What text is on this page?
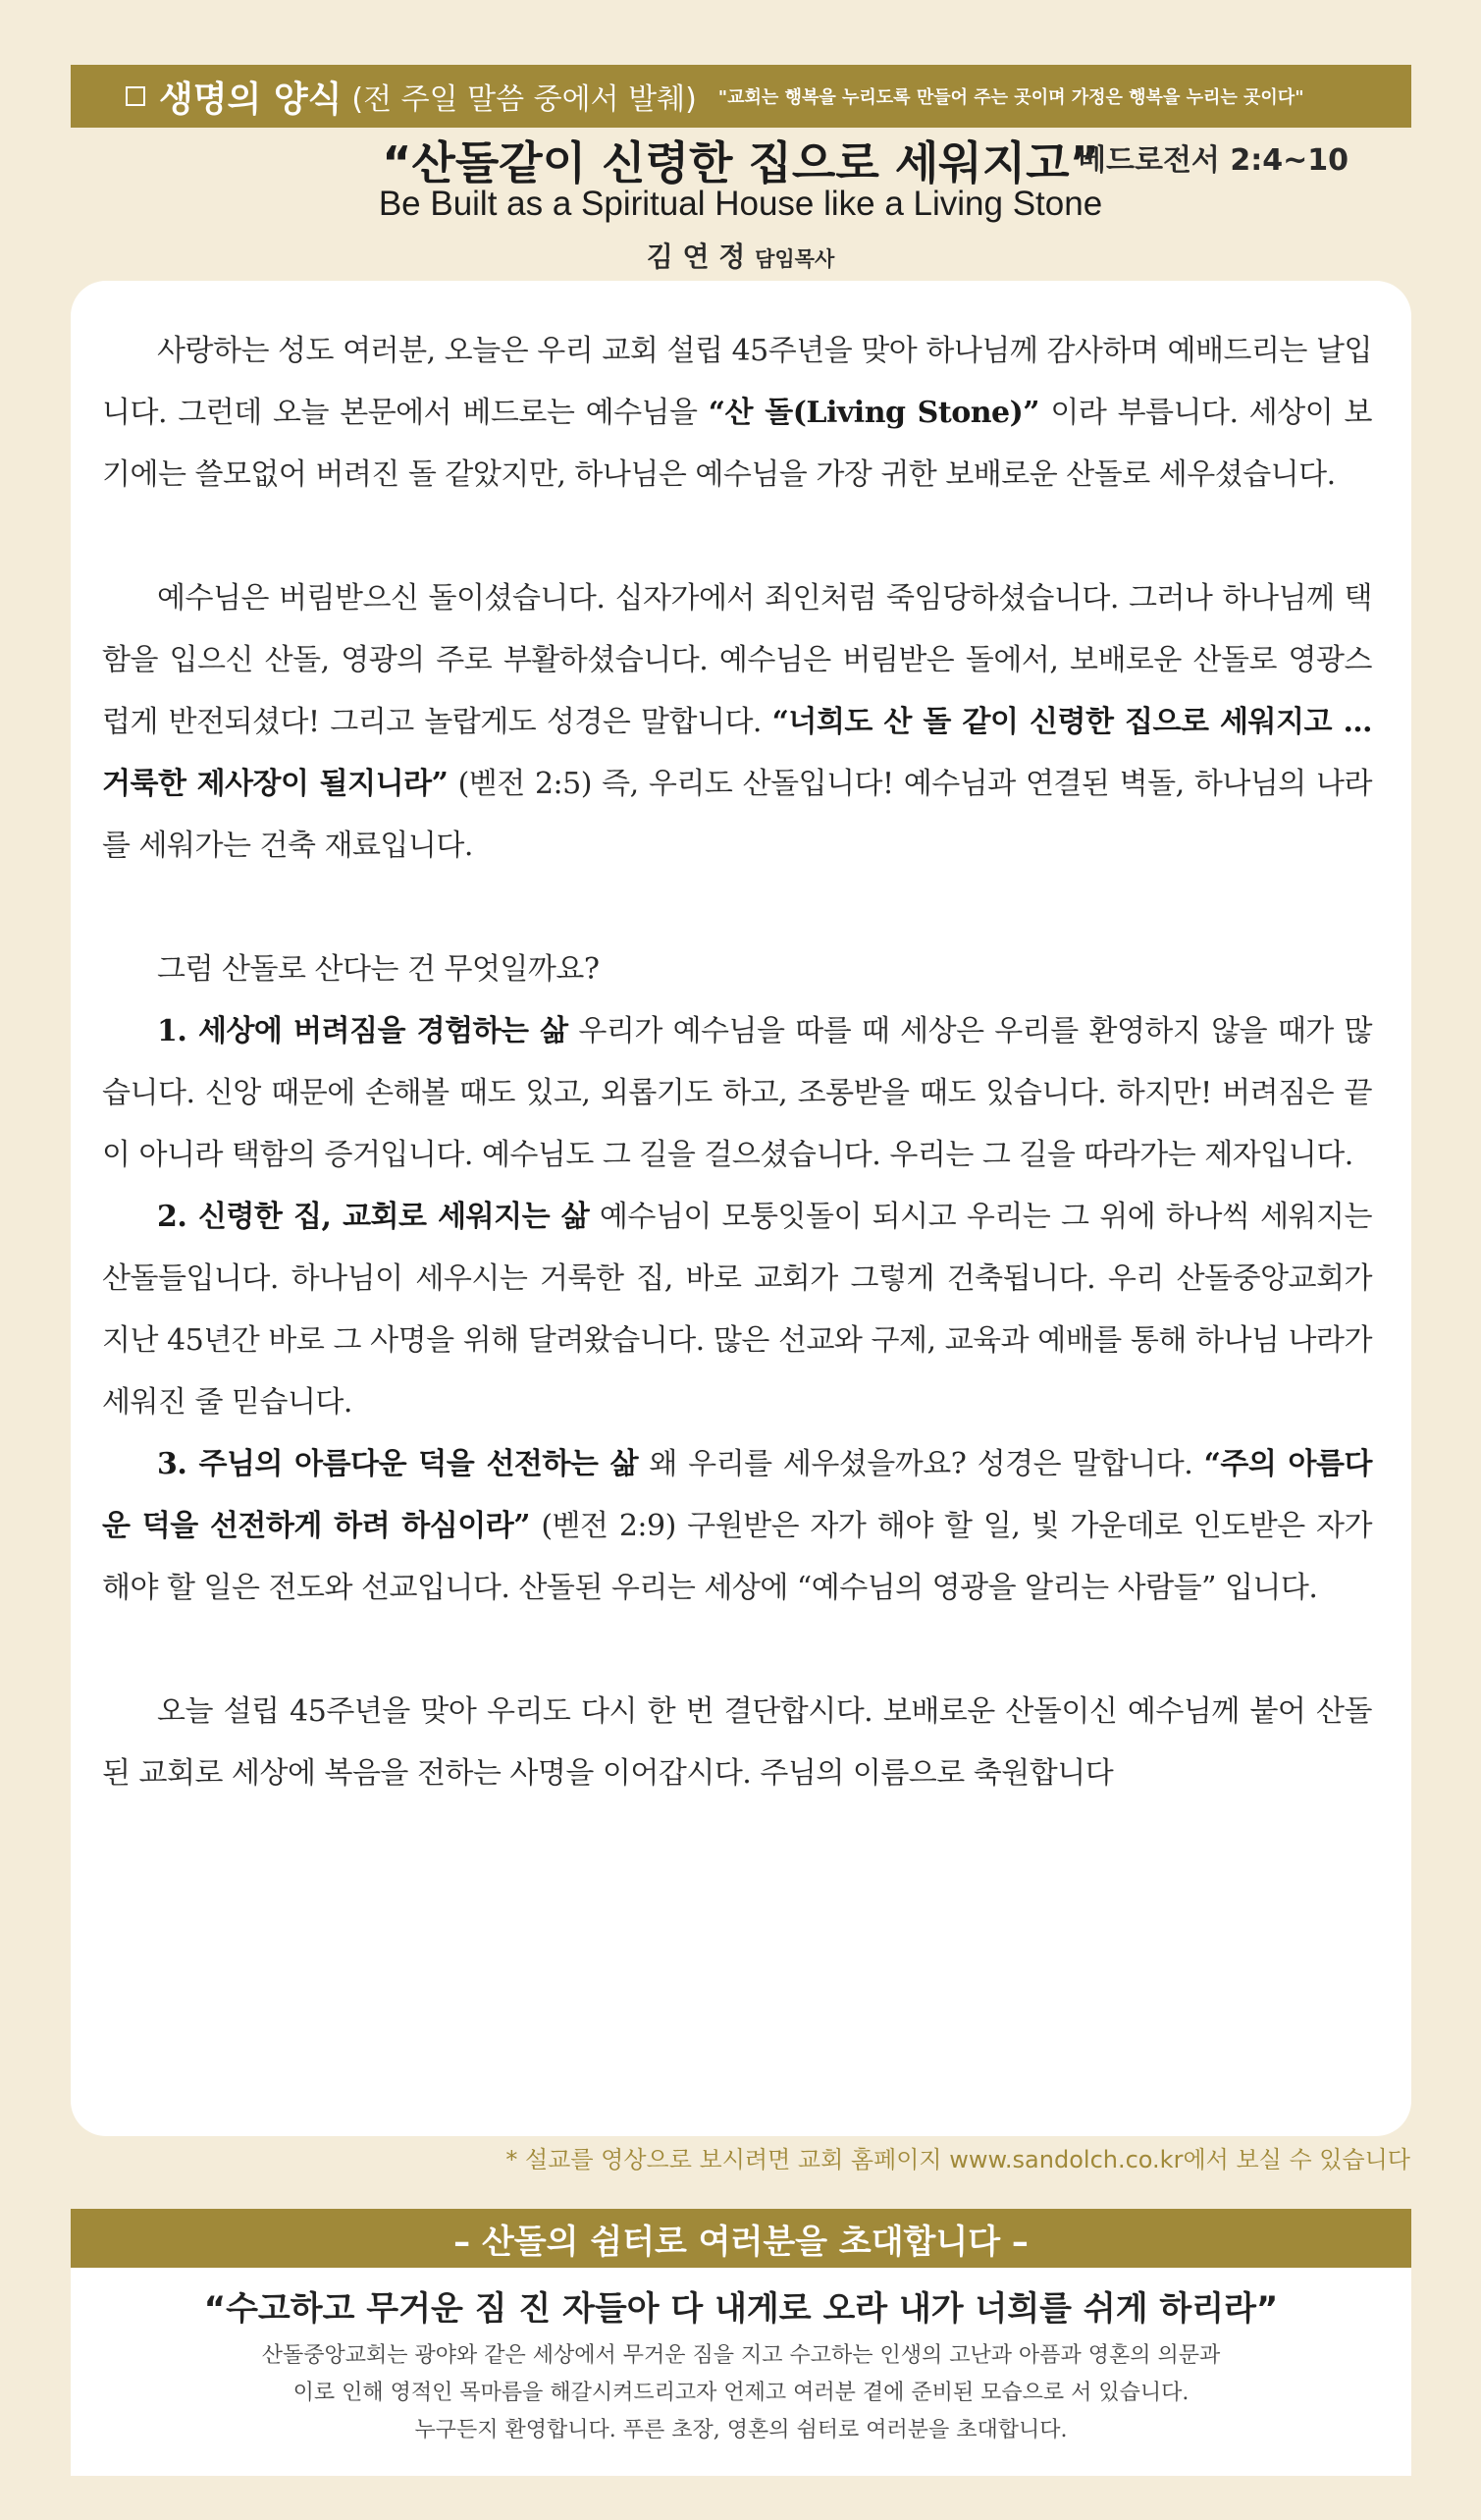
생명의 양식 (전 주일 말씀 중에서 발췌) "교회는 행복을 누리도록 만들어 주는 곳이며 가정은 행복을 누리는 곳이다"
“산돌같이 신령한 집으로 세워지고”
베드로전서 2:4~10
Be Built as a Spiritual House like a Living Stone
김 연 정 담임목사

사랑하는 성도 여러분, 오늘은 우리 교회 설립 45주년을 맞아 하나님께 감사하며 예배드리는 날입니다. 그런데 오늘 본문에서 베드로는 예수님을 “산 돌(Living Stone)” 이라 부릅니다. 세상이 보기에는 쓸모없어 버려진 돌 같았지만, 하나님은 예수님을 가장 귀한 보배로운 산돌로 세우셨습니다.

예수님은 버림받으신 돌이셨습니다. 십자가에서 죄인처럼 죽임당하셨습니다. 그러나 하나님께 택함을 입으신 산돌, 영광의 주로 부활하셨습니다. 예수님은 버림받은 돌에서, 보배로운 산돌로 영광스럽게 반전되셨다! 그리고 놀랍게도 성경은 말합니다. “너희도 산 돌 같이 신령한 집으로 세워지고 … 거룩한 제사장이 될지니라” (벧전 2:5) 즉, 우리도 산돌입니다! 예수님과 연결된 벽돌, 하나님의 나라를 세워가는 건축 재료입니다.

그럼 산돌로 산다는 건 무엇일까요?

1. 세상에 버려짐을 경험하는 삶 우리가 예수님을 따를 때 세상은 우리를 환영하지 않을 때가 많습니다. 신앙 때문에 손해볼 때도 있고, 외롭기도 하고, 조롱받을 때도 있습니다. 하지만! 버려짐은 끝이 아니라 택함의 증거입니다. 예수님도 그 길을 걸으셨습니다. 우리는 그 길을 따라가는 제자입니다.

2. 신령한 집, 교회로 세워지는 삶 예수님이 모퉁잇돌이 되시고 우리는 그 위에 하나씩 세워지는 산돌들입니다. 하나님이 세우시는 거룩한 집, 바로 교회가 그렇게 건축됩니다. 우리 산돌중앙교회가 지난 45년간 바로 그 사명을 위해 달려왔습니다. 많은 선교와 구제, 교육과 예배를 통해 하나님 나라가 세워진 줄 믿습니다.

3. 주님의 아름다운 덕을 선전하는 삶 왜 우리를 세우셨을까요? 성경은 말합니다. “주의 아름다운 덕을 선전하게 하려 하심이라” (벧전 2:9) 구원받은 자가 해야 할 일, 빛 가운데로 인도받은 자가 해야 할 일은 전도와 선교입니다. 산돌된 우리는 세상에 “예수님의 영광을 알리는 사람들” 입니다.

오늘 설립 45주년을 맞아 우리도 다시 한 번 결단합시다. 보배로운 산돌이신 예수님께 붙어 산돌된 교회로 세상에 복음을 전하는 사명을 이어갑시다. 주님의 이름으로 축원합니다

* 설교를 영상으로 보시려면 교회 홈페이지 www.sandolch.co.kr에서 보실 수 있습니다
– 산돌의 쉼터로 여러분을 초대합니다 –
“수고하고 무거운 짐 진 자들아 다 내게로 오라 내가 너희를 쉬게 하리라”
산돌중앙교회는 광야와 같은 세상에서 무거운 짐을 지고 수고하는 인생의 고난과 아픔과 영혼의 의문과
이로 인해 영적인 목마름을 해갈시켜드리고자 언제고 여러분 곁에 준비된 모습으로 서 있습니다.
누구든지 환영합니다. 푸른 초장, 영혼의 쉼터로 여러분을 초대합니다.
